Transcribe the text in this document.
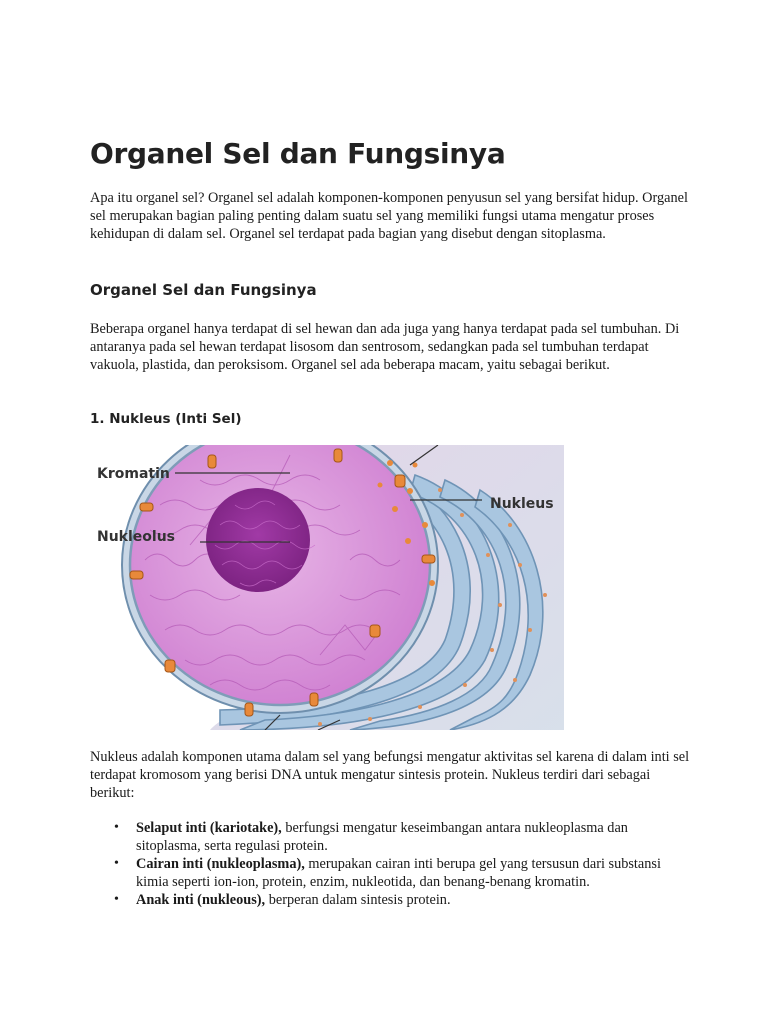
Organel Sel dan Fungsinya

Apa itu organel sel? Organel sel adalah komponen-komponen penyusun sel yang bersifat hidup. Organel sel merupakan bagian paling penting dalam suatu sel yang memiliki fungsi utama mengatur proses kehidupan di dalam sel. Organel sel terdapat pada bagian yang disebut dengan sitoplasma.

Organel Sel dan Fungsinya

Beberapa organel hanya terdapat di sel hewan dan ada juga yang hanya terdapat pada sel tumbuhan. Di antaranya pada sel hewan terdapat lisosom dan sentrosom, sedangkan pada sel tumbuhan terdapat vakuola, plastida, dan peroksisom. Organel sel ada beberapa macam, yaitu sebagai berikut.

1. Nukleus (Inti Sel)
Kromatin
Nukleolus
Nukleus

Nukleus adalah komponen utama dalam sel yang befungsi mengatur aktivitas sel karena di dalam inti sel terdapat kromosom yang berisi DNA untuk mengatur sintesis protein. Nukleus terdiri dari sebagai berikut:

• Selaput inti (kariotake), berfungsi mengatur keseimbangan antara nukleoplasma dan sitoplasma, serta regulasi protein.
• Cairan inti (nukleoplasma), merupakan cairan inti berupa gel yang tersusun dari substansi kimia seperti ion-ion, protein, enzim, nukleotida, dan benang-benang kromatin.
• Anak inti (nukleous), berperan dalam sintesis protein.
